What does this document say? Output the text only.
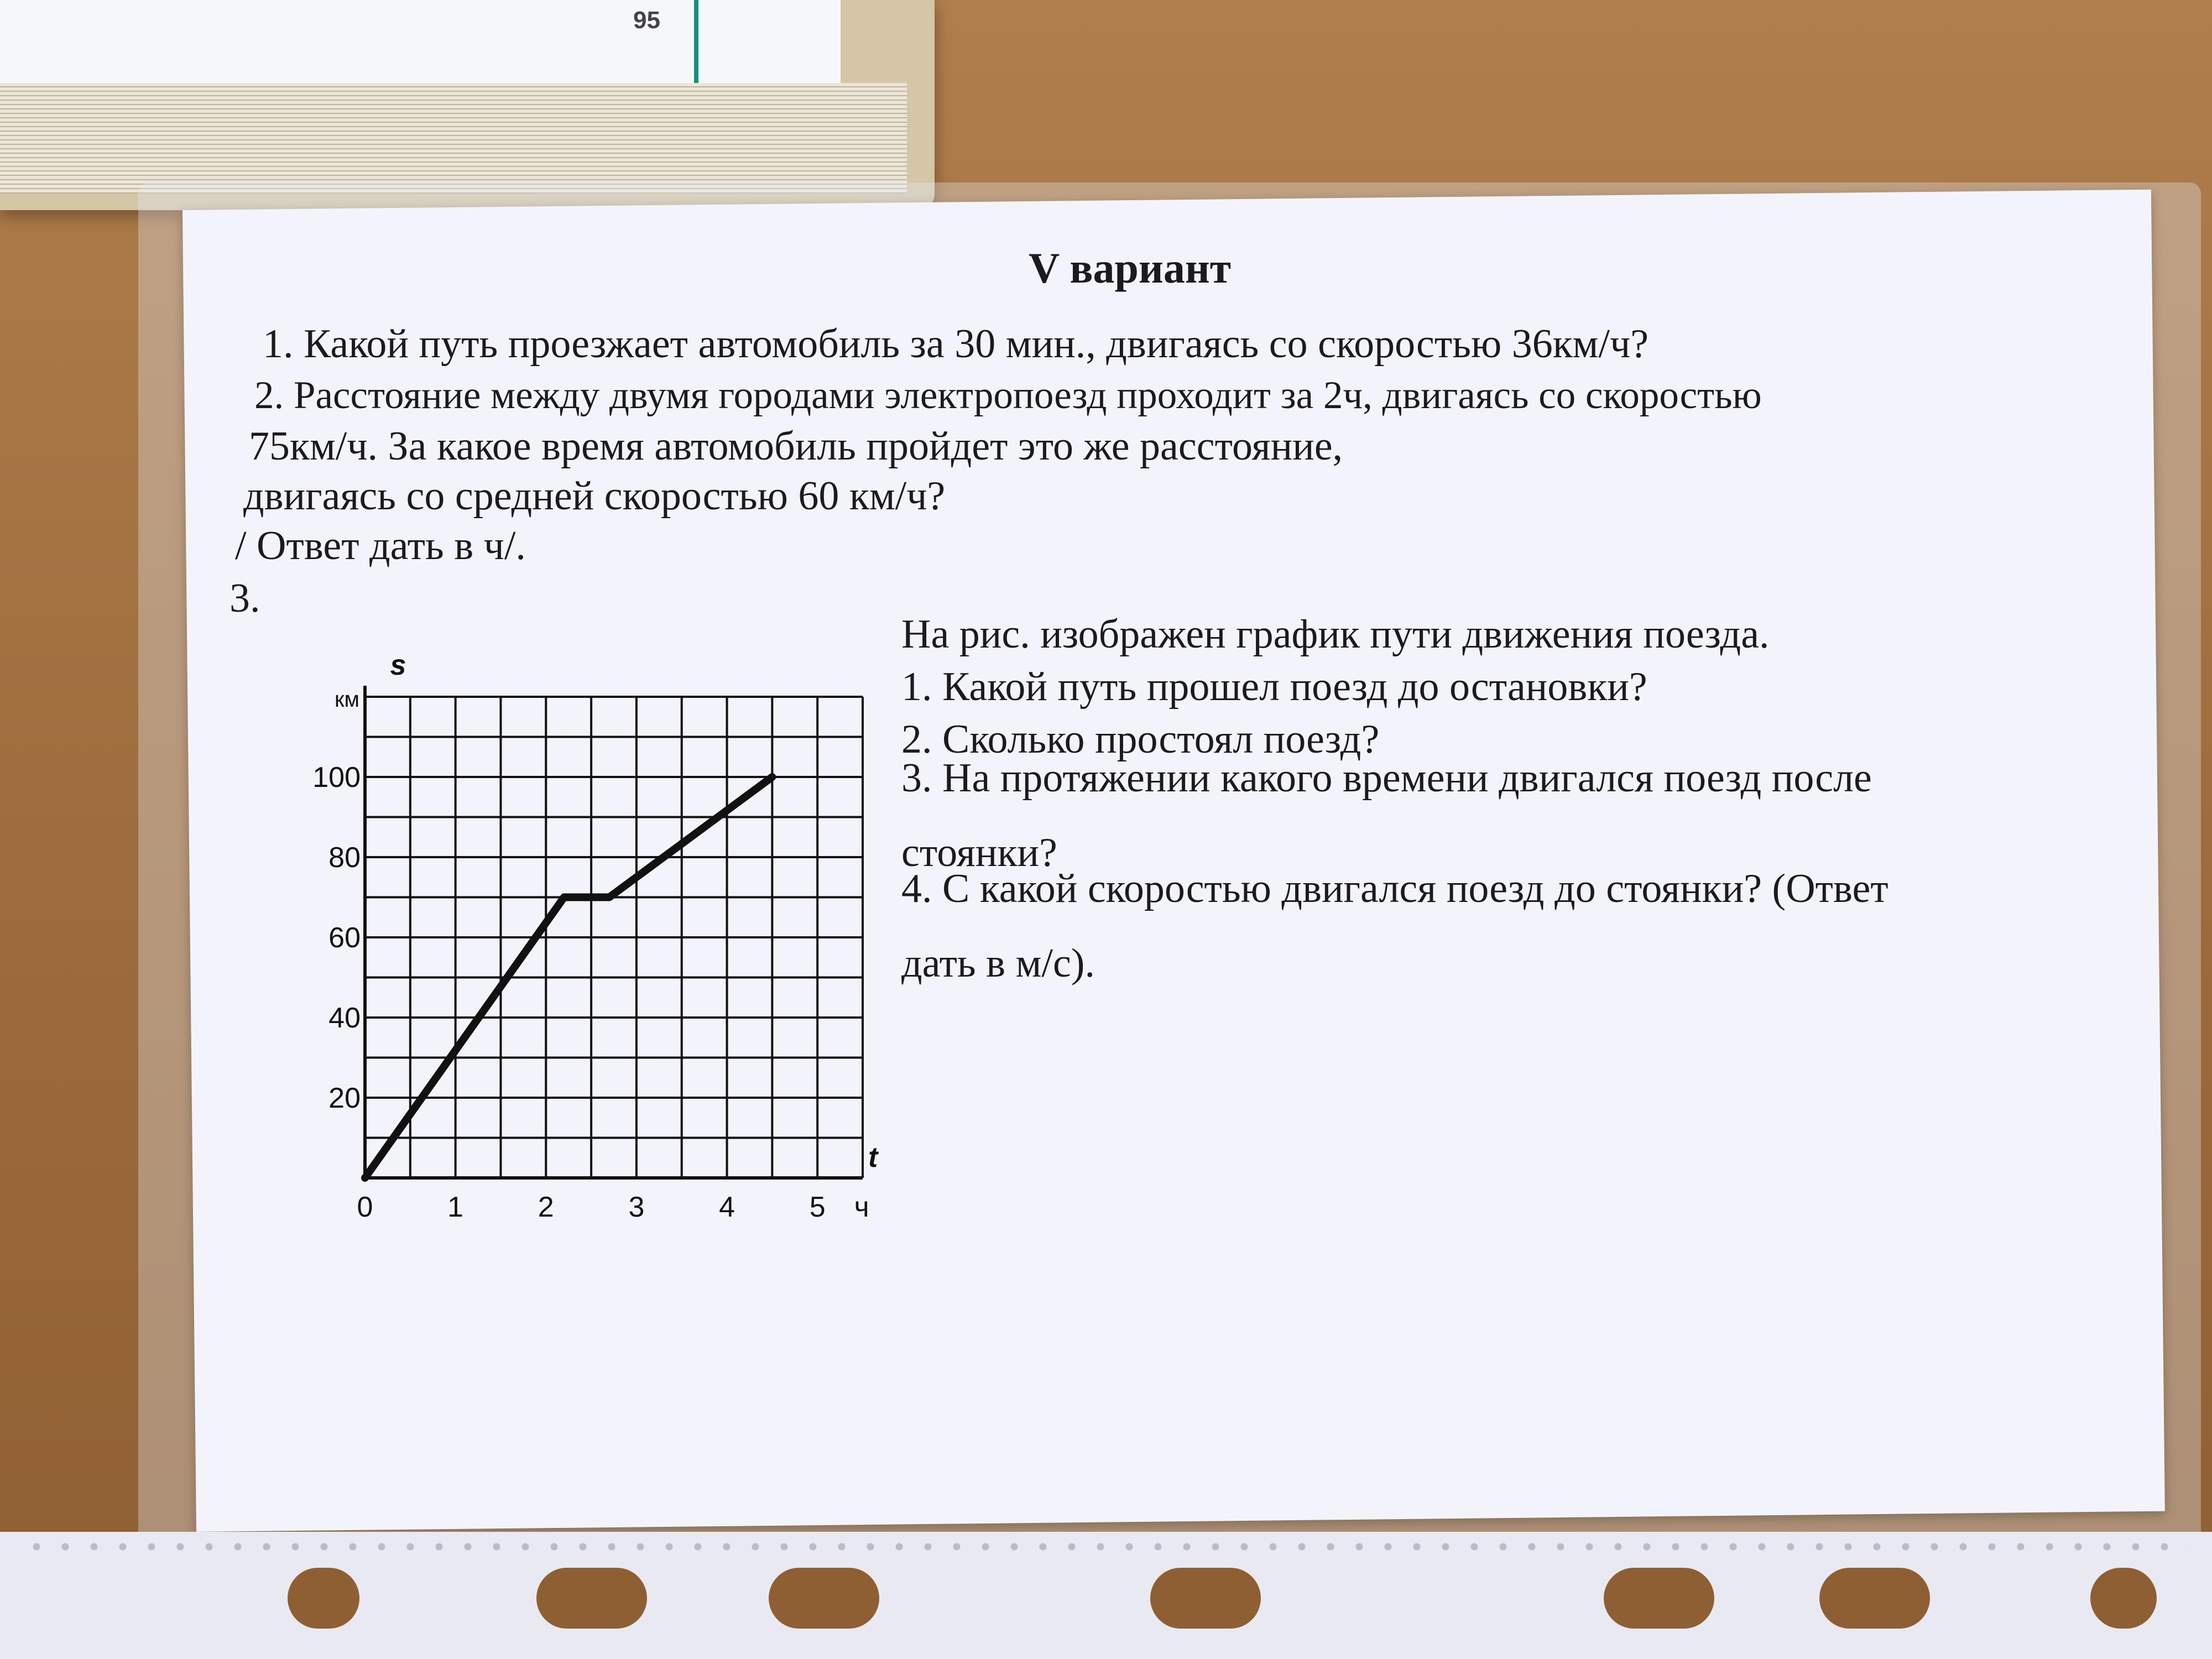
95
V вариант
1. Какой путь проезжает автомобиль за 30 мин., двигаясь со скоростью 36км/ч?
2. Расстояние между двумя городами электропоезд проходит за 2ч, двигаясь со скоростью
75км/ч. За какое время автомобиль пройдет это же расстояние,
двигаясь со средней скоростью 60 км/ч?
/ Ответ дать в ч/.
3.
На рис. изображен график пути движения поезда.
1. Какой путь прошел поезд до остановки?
2. Сколько простоял поезд?
3. На протяжении какого времени двигался поезд после
стоянки?
4. С какой скоростью двигался поезд до стоянки? (Ответ
дать в м/с).
0	1	2	3	4	5
20
40
60
80
100
s
км
t
ч
